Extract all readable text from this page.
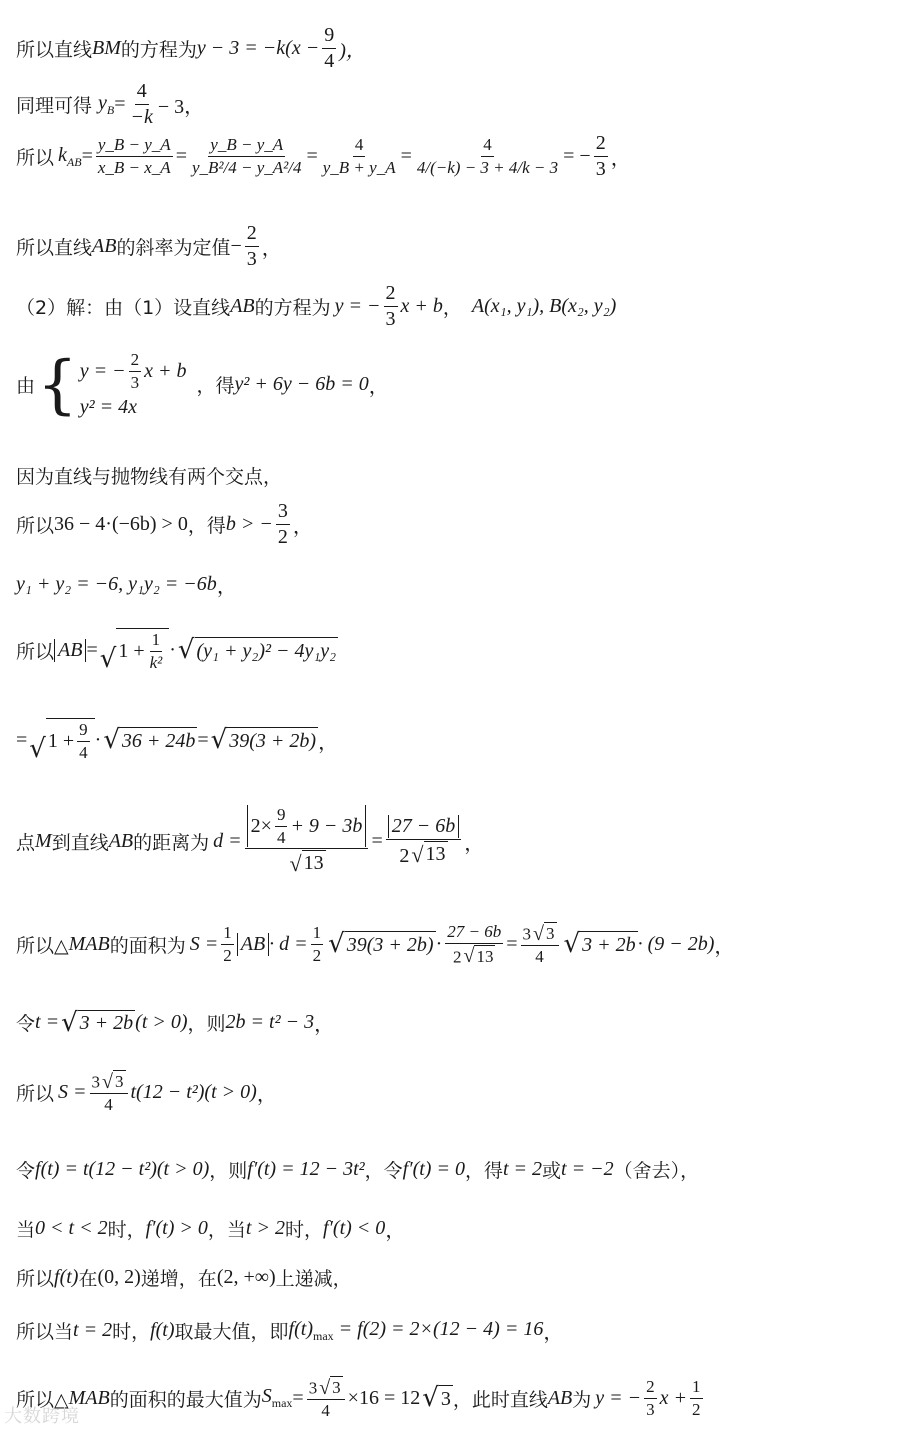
所以直线 BM 的方程为 $y - 3 = -k(x - \frac{9}{4}$ )，
同理可得 $y_B = \frac{4}{-k} - 3$，
所以 $k_{AB} = \frac{y\_B - y\_A}{x\_B - x\_A} = \frac{y\_B - y\_A}{\text{y\_B²/4 − y\_A²/4}} = \frac{4}{y\_B + y\_A} = \frac{4}{4/(-k) - 3 + 4/k - 3}$ = − $\frac{2}{3}$ ，
所以直线 AB 的斜率为定值 − $\frac{2}{3}$ ，
（2）解：由（1）设直线 AB 的方程为 y = − $\frac{2}{3}$ x + b ， A(x₁, y₁), B(x₂, y₂)
由 { y = − $\frac{2}{3}$ x + b
y² = 4x
，得 y² + 6y − 6b = 0 ，
因为直线与抛物线有两个交点，
所以 36 − 4·(−6b) > 0 ，得 b > − $\frac{3}{2}$ ，
y₁ + y₂ = −6, y₁y₂ = −6b ，
所以 AB = √ $1 + \frac{1}{\text{k²}}$ · √ (y₁ + y₂)² − 4y₁y₂
= √ $1 + \frac{9}{4}$ · √ 36 + 24b = √ 39(3 + 2b) ，
点 M 到直线 AB 的距离为 $d = \frac{2\times \frac{9}{4} + 9 - 3b}{√ 13} = \frac{27 - 6b}{2 √ 13}$ ，
所以△ MAB 的面积为 $S = \frac{1}{2}$ AB · $d = \frac{1}{2}$ √ $39(3 + 2b) \cdot \frac{27 - 6b}{2 √ 13} = \frac{3 √ 3}{4}$ √ 3 + 2b · (9 − 2b) ，
令 t = √ 3 + 2b (t > 0) ，则 2b = t² − 3 ，
所以 $S = \frac{3 √ 3}{4} t(12 - t^2)(t > 0)$ ，
令 f(t) = t(12 − t²)(t > 0) ，则 f′(t) = 12 − 3t² ，令 f′(t) = 0 ，得 t = 2 或 t = −2 （舍去），
当 0 < t < 2 时， f′(t) > 0 ，当 t > 2 时， f′(t) < 0 ，
所以 f(t) 在 (0, 2) 递增，在 (2, +∞) 上递减，
所以当 t = 2 时， f(t) 取最大值，即 $f(t)_{max} = f(2) = 2\times(12 - 4) = 16$ ，
所以△ MAB 的面积的最大值为 $S_{max} = \frac{3 √ 3}{4} \times 16 = 12$ √ 3 ，此时直线 AB 为 y = − $\frac{2}{3}$ $x + \frac{1}{2}$
大数跨境
